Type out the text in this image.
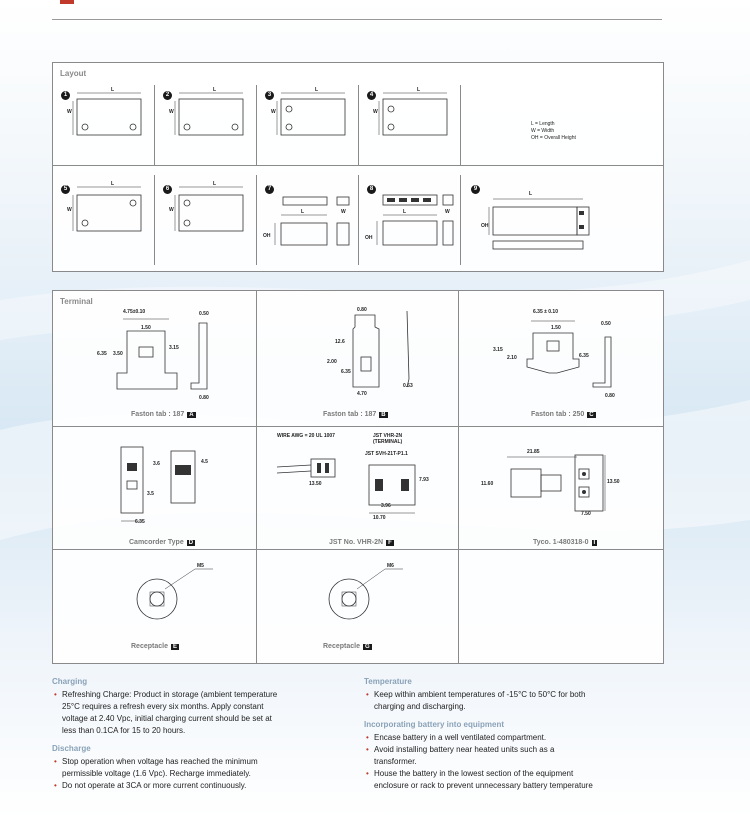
Layout
1
L
W
2
L
W
3
L
W
4
L
W
L = Length
W = Width
OH = Overall Height
5
L
W
6
L
W
7
L	W
OH
8
L	W
OH
9
L
OH
Terminal
4.75±0.10
1.50
6.35 3.50
3.15
0.50
0.80
Faston tab : 187 A
0.80
2.00
12.6
6.35
4.70
0.53
Faston tab : 187 B
6.35 ± 0.10
1.50
0.50
3.15
2.10	6.35
0.80
Faston tab : 250 C
3.6
3.5
4.5
6.35
Camcorder Type D
WIRE AWG = 20 UL 1007	JST VHR-2N
(TERMINAL)
JST SVH-21T-P1.1
13.50
7.93
3.96
10.70
JST No. VHR-2N F
21.85
11.60	13.50
7.50
Tyco. 1-480318-0 I
M5
Receptacle E
M6
Receptacle G
Charging
• Refreshing Charge: Product in storage (ambient temperature
25°C requires a refresh every six months. Apply constant
voltage at 2.40 Vpc, initial charging current should be set at
less than 0.1CA for 15 to 20 hours.
Discharge
• Stop operation when voltage has reached the minimum
permissible voltage (1.6 Vpc). Recharge immediately.
• Do not operate at 3CA or more current continuously.
Temperature
• Keep within ambient temperatures of -15°C to 50°C for both
charging and discharging.
Incorporating battery into equipment
• Encase battery in a well ventilated compartment.
• Avoid installing battery near heated units such as a
transformer.
• House the battery in the lowest section of the equipment
enclosure or rack to prevent unnecessary battery temperature
